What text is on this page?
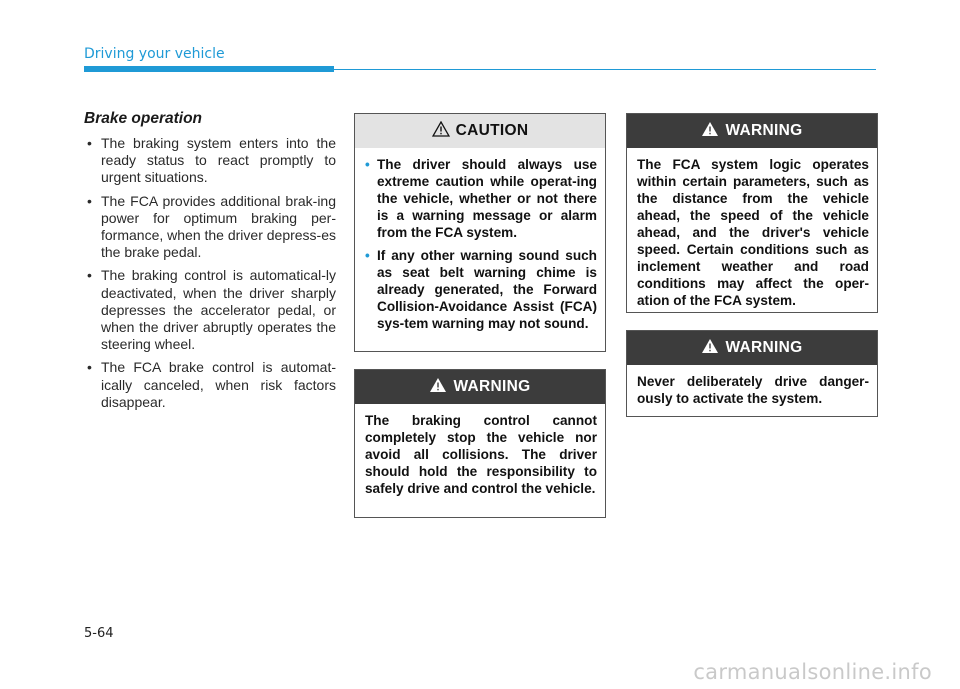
Driving your vehicle
Brake operation
• The braking system enters into the ready status to react promptly to urgent situations.
• The FCA provides additional brak-ing power for optimum braking per-formance, when the driver depress-es the brake pedal.
• The braking control is automatical-ly deactivated, when the driver sharply depresses the accelerator pedal, or when the driver abruptly operates the steering wheel.
• The FCA brake control is automat-ically canceled, when risk factors disappear.
CAUTION
• The driver should always use extreme caution while operat-ing the vehicle, whether or not there is a warning message or alarm from the FCA system.
• If any other warning sound such as seat belt warning chime is already generated, the Forward Collision-Avoidance Assist (FCA) sys-tem warning may not sound.
WARNING

The braking control cannot completely stop the vehicle nor avoid all collisions. The driver should hold the responsibility to safely drive and control the vehicle.

WARNING

The FCA system logic operates within certain parameters, such as the distance from the vehicle ahead, the speed of the vehicle ahead, and the driver's vehicle speed. Certain conditions such as inclement weather and road conditions may affect the oper-ation of the FCA system.

WARNING

Never deliberately drive danger-ously to activate the system.

5-64
carmanualsonline.info
